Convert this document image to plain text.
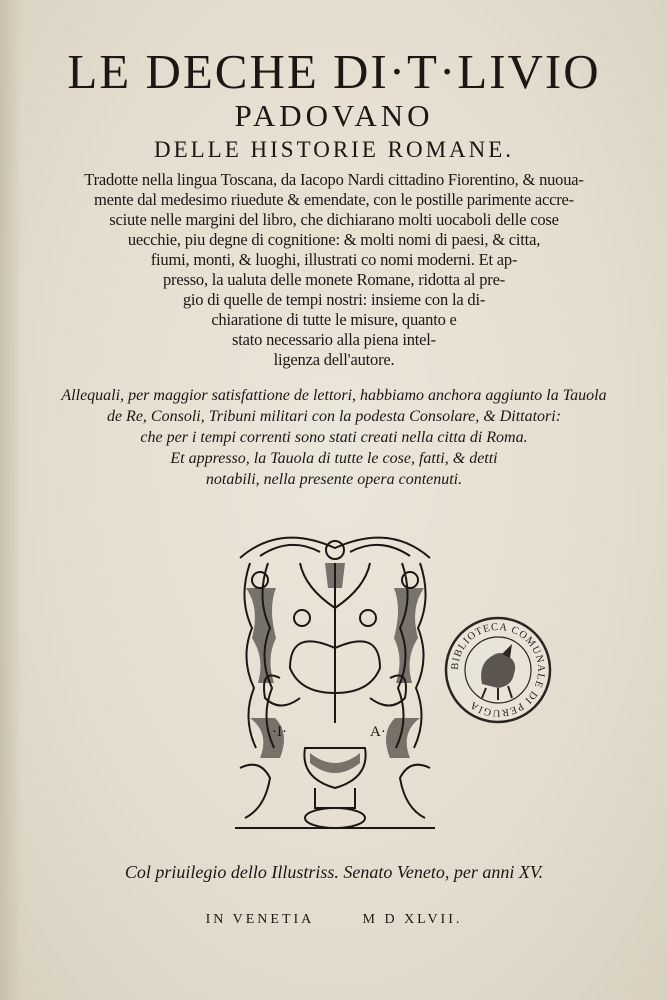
LE DECHE DI·T·LIVIO
PADOVANO
DELLE HISTORIE ROMANE.
Tradotte nella lingua Toscana, da Iacopo Nardi cittadino Fiorentino, & nuoua-
mente dal medesimo riuedute & emendate, con le postille parimente accre-
sciute nelle margini del libro, che dichiarano molti uocaboli delle cose
uecchie, piu degne di cognitione: & molti nomi di paesi, & citta,
fiumi, monti, & luoghi, illustrati co nomi moderni. Et ap-
presso, la ualuta delle monete Romane, ridotta al pre-
gio di quelle de tempi nostri: insieme con la di-
chiaratione di tutte le misure, quanto e
stato necessario alla piena intel-
ligenza dell'autore.
Allequali, per maggior satisfattione de lettori, habbiamo anchora aggiunto la Tauola
de Re, Consoli, Tribuni militari con la podesta Consolare, & Dittatori:
che per i tempi correnti sono stati creati nella citta di Roma.
Et appresso, la Tauola di tutte le cose, fatti, & detti
notabili, nella presente opera contenuti.
·I·	A·
BIBLIOTECA COMUNALE DI PERUGIA
Col priuilegio dello Illustriss. Senato Veneto, per anni XV.
IN VENETIA	M D XLVII.
